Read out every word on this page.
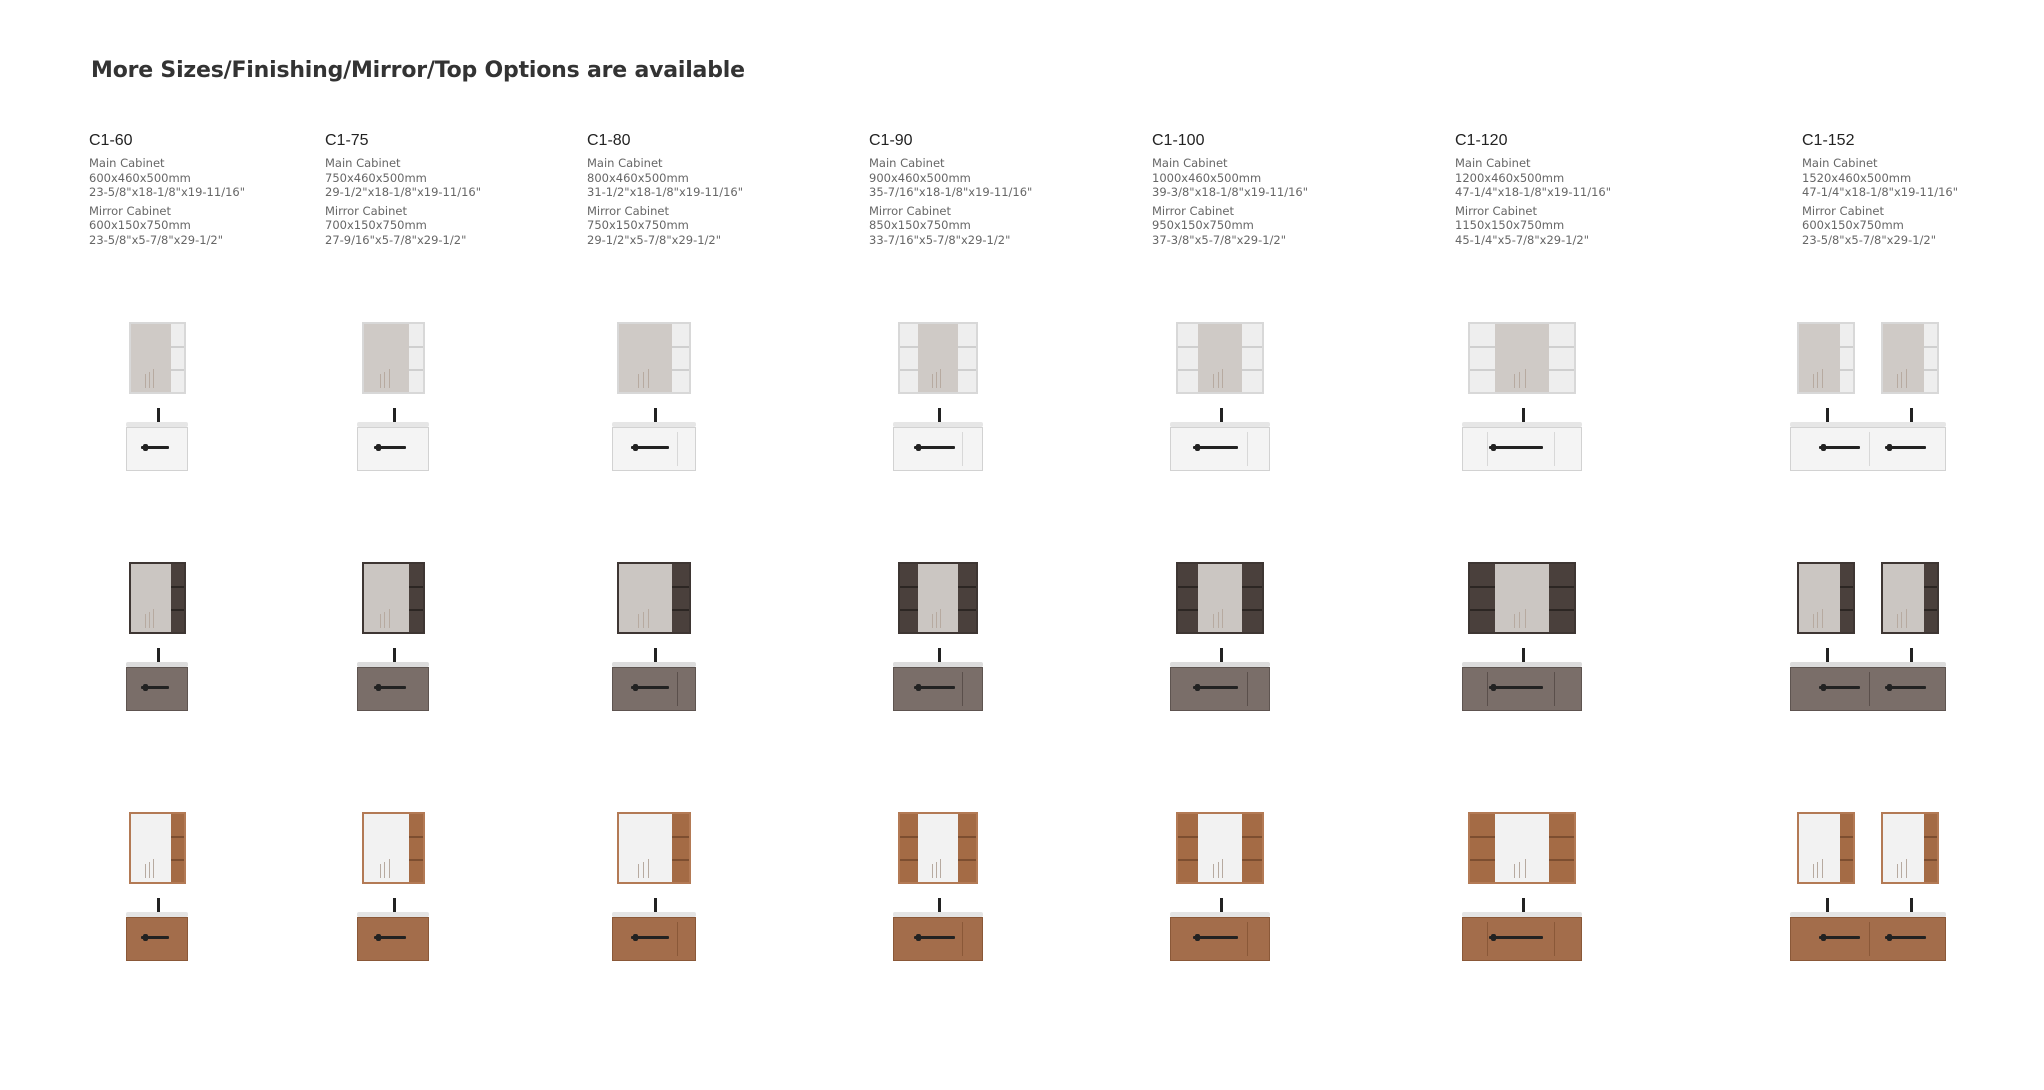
More Sizes/Finishing/Mirror/Top Options are available
C1-60
Main Cabinet
600x460x500mm
23-5/8"x18-1/8"x19-11/16"
Mirror Cabinet
600x150x750mm
23-5/8"x5-7/8"x29-1/2"
C1-75
Main Cabinet
750x460x500mm
29-1/2"x18-1/8"x19-11/16"
Mirror Cabinet
700x150x750mm
27-9/16"x5-7/8"x29-1/2"
C1-80
Main Cabinet
800x460x500mm
31-1/2"x18-1/8"x19-11/16"
Mirror Cabinet
750x150x750mm
29-1/2"x5-7/8"x29-1/2"
C1-90
Main Cabinet
900x460x500mm
35-7/16"x18-1/8"x19-11/16"
Mirror Cabinet
850x150x750mm
33-7/16"x5-7/8"x29-1/2"
C1-100
Main Cabinet
1000x460x500mm
39-3/8"x18-1/8"x19-11/16"
Mirror Cabinet
950x150x750mm
37-3/8"x5-7/8"x29-1/2"
C1-120
Main Cabinet
1200x460x500mm
47-1/4"x18-1/8"x19-11/16"
Mirror Cabinet
1150x150x750mm
45-1/4"x5-7/8"x29-1/2"
C1-152
Main Cabinet
1520x460x500mm
47-1/4"x18-1/8"x19-11/16"
Mirror Cabinet
600x150x750mm
23-5/8"x5-7/8"x29-1/2"
